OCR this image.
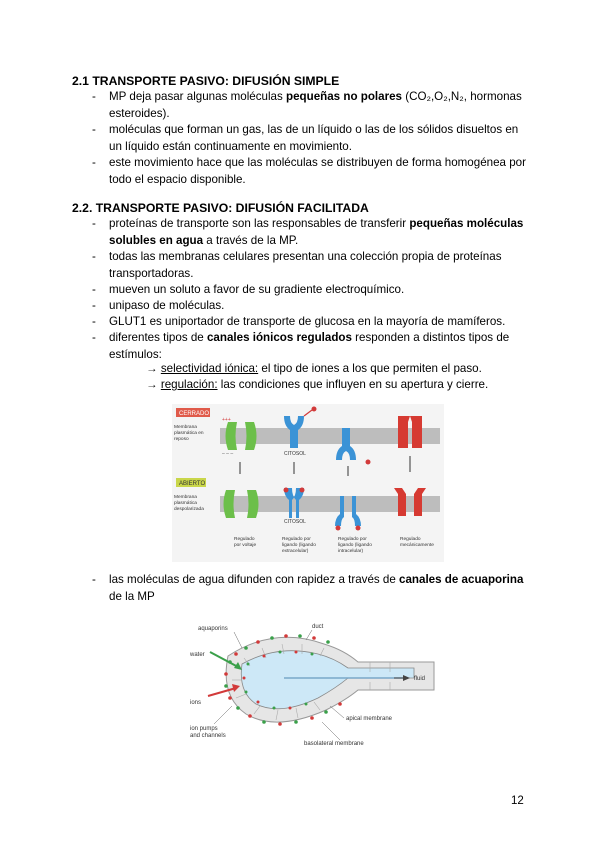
2.1 TRANSPORTE PASIVO: DIFUSIÓN SIMPLE
- MP deja pasar algunas moléculas pequeñas no polares (CO₂,O₂,N₂, hormonas esteroides).
- moléculas que forman un gas, las de un líquido o las de los sólidos disueltos en un líquido están continuamente en movimiento.
- este movimiento hace que las moléculas se distribuyen de forma homogénea por todo el espacio disponible.
2.2. TRANSPORTE PASIVO: DIFUSIÓN FACILITADA
- proteínas de transporte son las responsables de transferir pequeñas moléculas solubles en agua a través de la MP.
- todas las membranas celulares presentan una colección propia de proteínas transportadoras.
- mueven un soluto a favor de su gradiente electroquímico.
- unipaso de moléculas.
- GLUT1 es uniportador de transporte de glucosa en la mayoría de mamíferos.
- diferentes tipos de canales iónicos regulados responden a distintos tipos de estímulos:
→ selectividad iónica: el tipo de iones a los que permiten el paso.
→ regulación: las condiciones que influyen en su apertura y cierre.
CERRADO
Membrana
plasmática en
reposo
CITOSOL
+++
– – –
ABIERTO
Membrana
plasmática
despolarizada
CITOSOL
Regulado
por voltaje
Regulado por
ligando (ligando
extracelular)
Regulado por
ligando (ligando
intracelular)
Regulado
mecánicamente
- las moléculas de agua difunden con rapidez a través de canales de acuaporina de la MP
aquaporins
water
ions
ion pumps
and channels
duct
fluid
apical membrane
basolateral membrane
12
